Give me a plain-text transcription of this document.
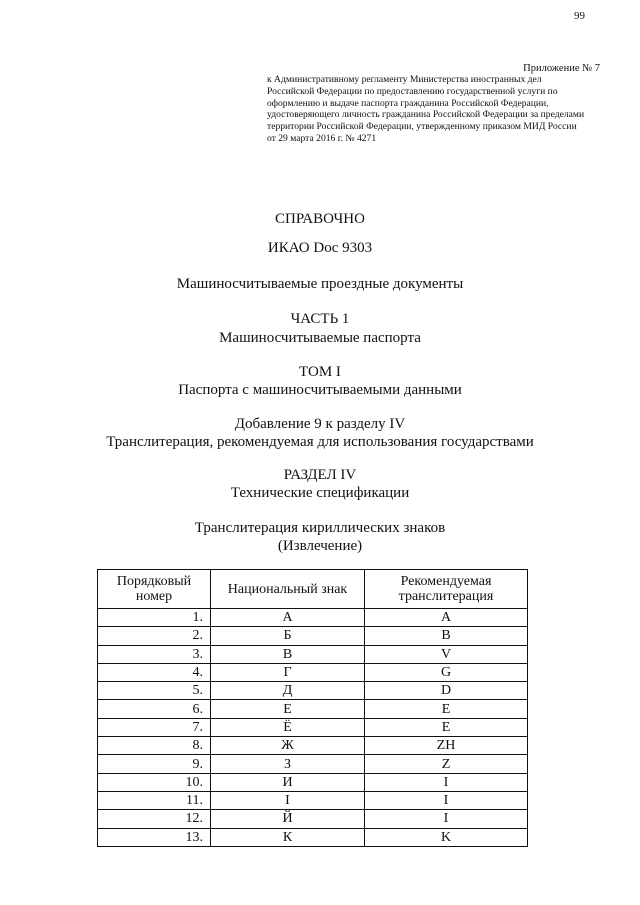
99
Приложение № 7
к Административному регламенту Министерства иностранных дел
Российской Федерации по предоставлению государственной услуги по
оформлению и выдаче паспорта гражданина Российской Федерации,
удостоверяющего личность гражданина Российской Федерации за пределами
территории Российской Федерации, утвержденному приказом МИД России
от 29 марта 2016 г. № 4271
СПРАВОЧНО
ИКАО Doc 9303
Машиносчитываемые проездные документы
ЧАСТЬ 1
Машиносчитываемые паспорта
ТОМ I
Паспорта с машиносчитываемыми данными
Добавление 9 к разделу IV
Транслитерация, рекомендуемая для использования государствами
РАЗДЕЛ IV
Технические спецификации
Транслитерация кириллических знаков
(Извлечение)
Порядковый номер	Национальный знак	Рекомендуемая транслитерация
1.	А	A
2.	Б	B
3.	В	V
4.	Г	G
5.	Д	D
6.	Е	E
7.	Ё	E
8.	Ж	ZH
9.	З	Z
10.	И	I
11.	І	I
12.	Й	I
13.	К	K
